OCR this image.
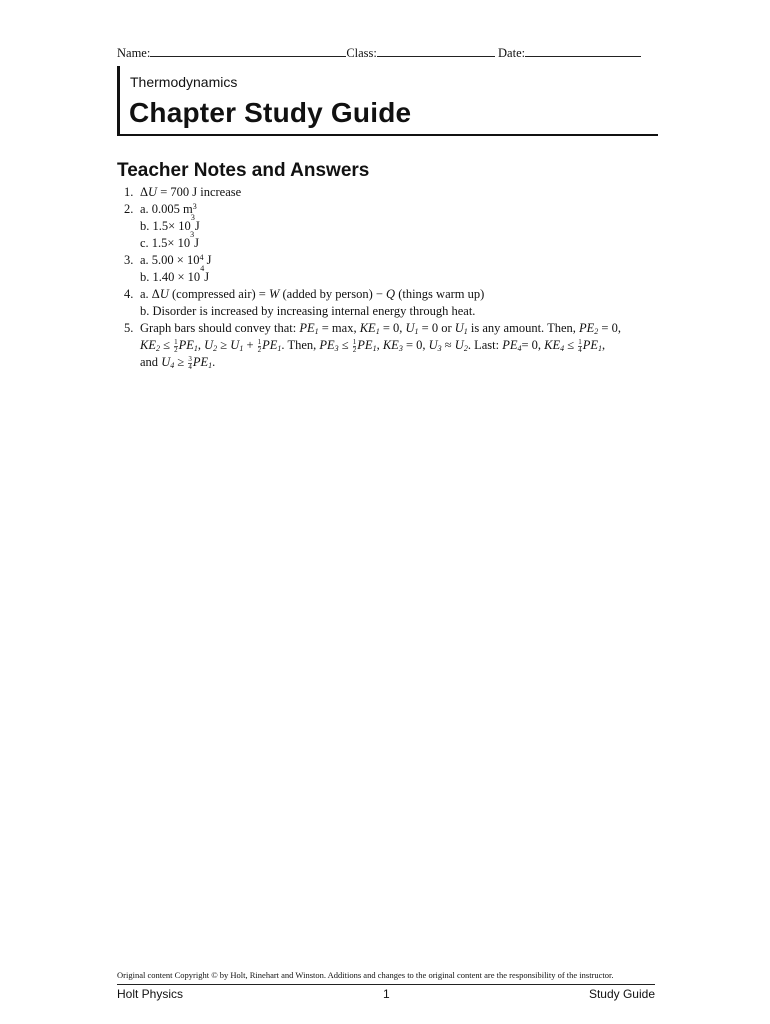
Name:	Class:	Date:
Thermodynamics
Chapter Study Guide
Teacher Notes and Answers
1. ΔU = 700 J increase
2. a. 0.005 $m^3$
b. 1.5× 10
3
J
c. 1.5× 10
3
J
3. a. $5.00 \times 10^4$ J
b. 1.40 × 10
4
J
4. a. ΔU (compressed air) = W (added by person) − Q (things warm up)
b. Disorder is increased by increasing internal energy through heat.
5. Graph bars should convey that: $PE_1 = \max$, $KE_1 = 0$, $U_1 = 0$ or $U_1$ is any amount. Then, $PE_2 = 0$,
$KE_2 \le \frac{1}{2} PE_1$, $U_2 \ge U_1 + \frac{1}{2} PE_1$. Then, $PE_3 \le \frac{1}{2} PE_1$, $KE_3 = 0$, $U_3 \approx U_2$. Last: $PE_4= 0$, $KE_4 \le \frac{1}{4} PE_1$,
and $U_4 \ge \frac{3}{4} PE_1$.
Original content Copyright © by Holt, Rinehart and Winston. Additions and changes to the original content are the responsibility of the instructor.
Holt Physics	1	Study Guide
